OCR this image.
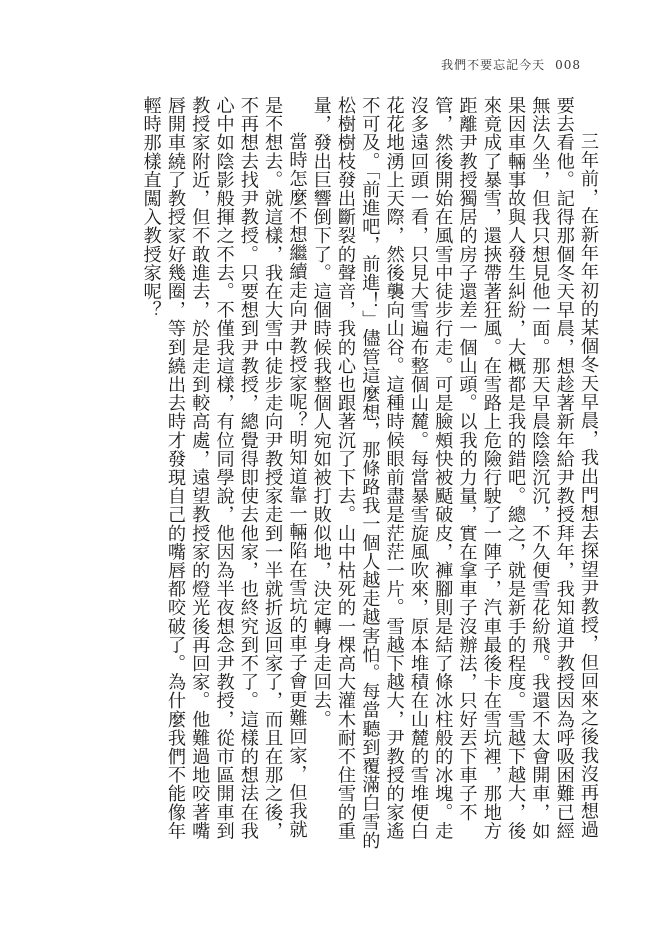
我們不要忘記今天 008

三年前，在新年年初的某個冬天早晨，我出門想去探望尹教授，但回來之後我沒再想過要去看他。記得那個冬天早晨，想趁著新年給尹教授拜年，我知道尹教授因為呼吸困難已經無法久坐，但我只想見他一面。那天早晨陰陰沉沉，不久便雪花紛飛。我還不太會開車，如果因車輛事故與人發生糾紛，大概都是我的錯吧。總之，就是新手的程度。雪越下越大，後來竟成了暴雪，還挾帶著狂風。在雪路上危險行駛了一陣子，汽車最後卡在雪坑裡，那地方距離尹教授獨居的房子還差一個山頭。以我的力量，實在拿車子沒辦法，只好丟下車子不管，然後開始在風雪中徒步行走。可是臉頰快被颳破皮，褲腳則是結了條冰柱般的冰塊。走沒多遠回頭一看，只見大雪遍布整個山麓。每當暴雪旋風吹來，原本堆積在山麓的雪堆便白花花地湧上天際，然後襲向山谷。這種時候眼前盡是茫茫一片。雪越下越大，尹教授的家遙不可及。「前進吧，前進！」儘管這麼想，那條路我一個人越走越害怕。每當聽到覆滿白雪的松樹樹枝發出斷裂的聲音，我的心也跟著沉了下去。山中枯死的一棵高大灌木耐不住雪的重量，發出巨響倒下了。這個時候我整個人宛如被打敗似地，決定轉身走回去。

當時怎麼不想繼續走向尹教授家呢？明知道靠一輛陷在雪坑的車子會更難回家，但我就是不想去。就這樣，我在大雪中徒步走向尹教授家走到一半就折返回家了，而且在那之後，不再想去找尹教授。只要想到尹教授，總覺得即使去他家，也終究到不了。這樣的想法在我心中如陰影般揮之不去。不僅我這樣，有位同學說，他因為半夜想念尹教授，從市區開車到教授家附近，但不敢進去，於是走到較高處，遠望教授家的燈光後再回家。他難過地咬著嘴唇開車繞了教授家好幾圈，等到繞出去時才發現自己的嘴唇都咬破了。為什麼我們不能像年輕時那樣直闖入教授家呢？
